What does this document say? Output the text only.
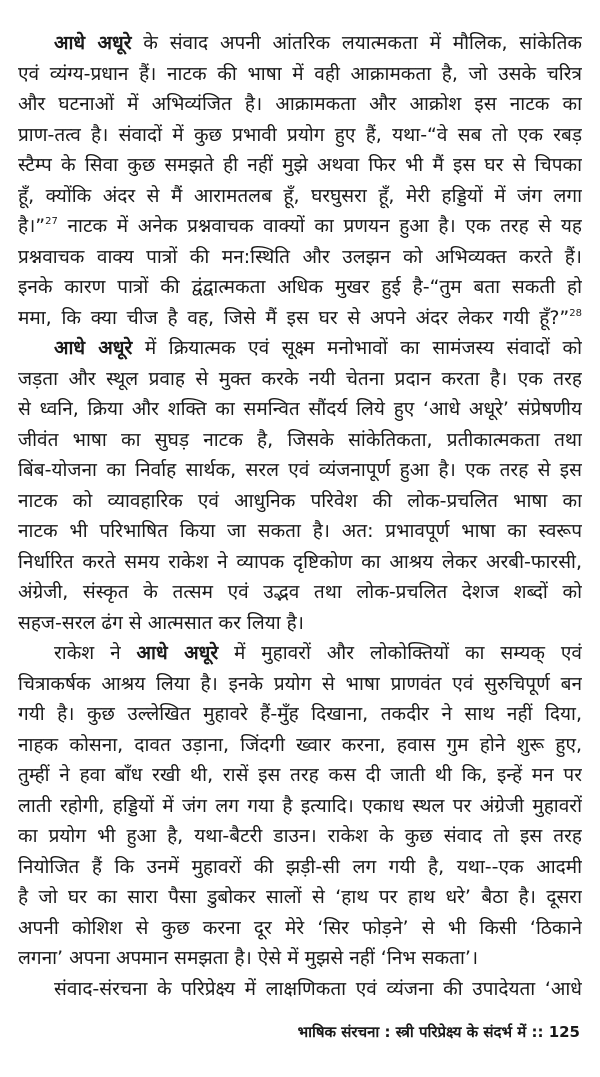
आधे अधूरे के संवाद अपनी आंतरिक लयात्मकता में मौलिक, सांकेतिक
एवं व्यंग्य-प्रधान हैं। नाटक की भाषा में वही आक्रामकता है, जो उसके चरित्र
और घटनाओं में अभिव्यंजित है। आक्रामकता और आक्रोश इस नाटक का
प्राण-तत्व है। संवादों में कुछ प्रभावी प्रयोग हुए हैं, यथा-“वे सब तो एक रबड़
स्टैम्प के सिवा कुछ समझते ही नहीं मुझे अथवा फिर भी मैं इस घर से चिपका
हूँ, क्योंकि अंदर से मैं आरामतलब हूँ, घरघुसरा हूँ, मेरी हड्डियों में जंग लगा
है।”$^{27}$ नाटक में अनेक प्रश्नवाचक वाक्यों का प्रणयन हुआ है। एक तरह से यह
प्रश्नवाचक वाक्य पात्रों की मन:स्थिति और उलझन को अभिव्यक्त करते हैं।
इनके कारण पात्रों की द्वंद्वात्मकता अधिक मुखर हुई है-“तुम बता सकती हो
ममा, कि क्या चीज है वह, जिसे मैं इस घर से अपने अंदर लेकर गयी हूँ?”$^{28}$
आधे अधूरे में क्रियात्मक एवं सूक्ष्म मनोभावों का सामंजस्य संवादों को
जड़ता और स्थूल प्रवाह से मुक्त करके नयी चेतना प्रदान करता है। एक तरह
से ध्वनि, क्रिया और शक्ति का समन्वित सौंदर्य लिये हुए ‘आधे अधूरे’ संप्रेषणीय
जीवंत भाषा का सुघड़ नाटक है, जिसके सांकेतिकता, प्रतीकात्मकता तथा
बिंब-योजना का निर्वाह सार्थक, सरल एवं व्यंजनापूर्ण हुआ है। एक तरह से इस
नाटक को व्यावहारिक एवं आधुनिक परिवेश की लोक-प्रचलित भाषा का
नाटक भी परिभाषित किया जा सकता है। अत: प्रभावपूर्ण भाषा का स्वरूप
निर्धारित करते समय राकेश ने व्यापक दृष्टिकोण का आश्रय लेकर अरबी-फारसी,
अंग्रेजी, संस्कृत के तत्सम एवं उद्भव तथा लोक-प्रचलित देशज शब्दों को
सहज-सरल ढंग से आत्मसात कर लिया है।
राकेश ने आधे अधूरे में मुहावरों और लोकोक्तियों का सम्यक् एवं
चित्राकर्षक आश्रय लिया है। इनके प्रयोग से भाषा प्राणवंत एवं सुरुचिपूर्ण बन
गयी है। कुछ उल्लेखित मुहावरे हैं-मुँह दिखाना, तकदीर ने साथ नहीं दिया,
नाहक कोसना, दावत उड़ाना, जिंदगी ख्वार करना, हवास गुम होने शुरू हुए,
तुम्हीं ने हवा बाँध रखी थी, रासें इस तरह कस दी जाती थी कि, इन्हें मन पर
लाती रहोगी, हड्डियों में जंग लग गया है इत्यादि। एकाध स्थल पर अंग्रेजी मुहावरों
का प्रयोग भी हुआ है, यथा-बैटरी डाउन। राकेश के कुछ संवाद तो इस तरह
नियोजित हैं कि उनमें मुहावरों की झड़ी-सी लग गयी है, यथा--एक आदमी
है जो घर का सारा पैसा डुबोकर सालों से ‘हाथ पर हाथ धरे’ बैठा है। दूसरा
अपनी कोशिश से कुछ करना दूर मेरे ‘सिर फोड़ने’ से भी किसी ‘ठिकाने
लगना’ अपना अपमान समझता है। ऐसे में मुझसे नहीं ‘निभ सकता’।
संवाद-संरचना के परिप्रेक्ष्य में लाक्षणिकता एवं व्यंजना की उपादेयता ‘आधे
भाषिक संरचना : स्त्री परिप्रेक्ष्य के संदर्भ में :: 125
